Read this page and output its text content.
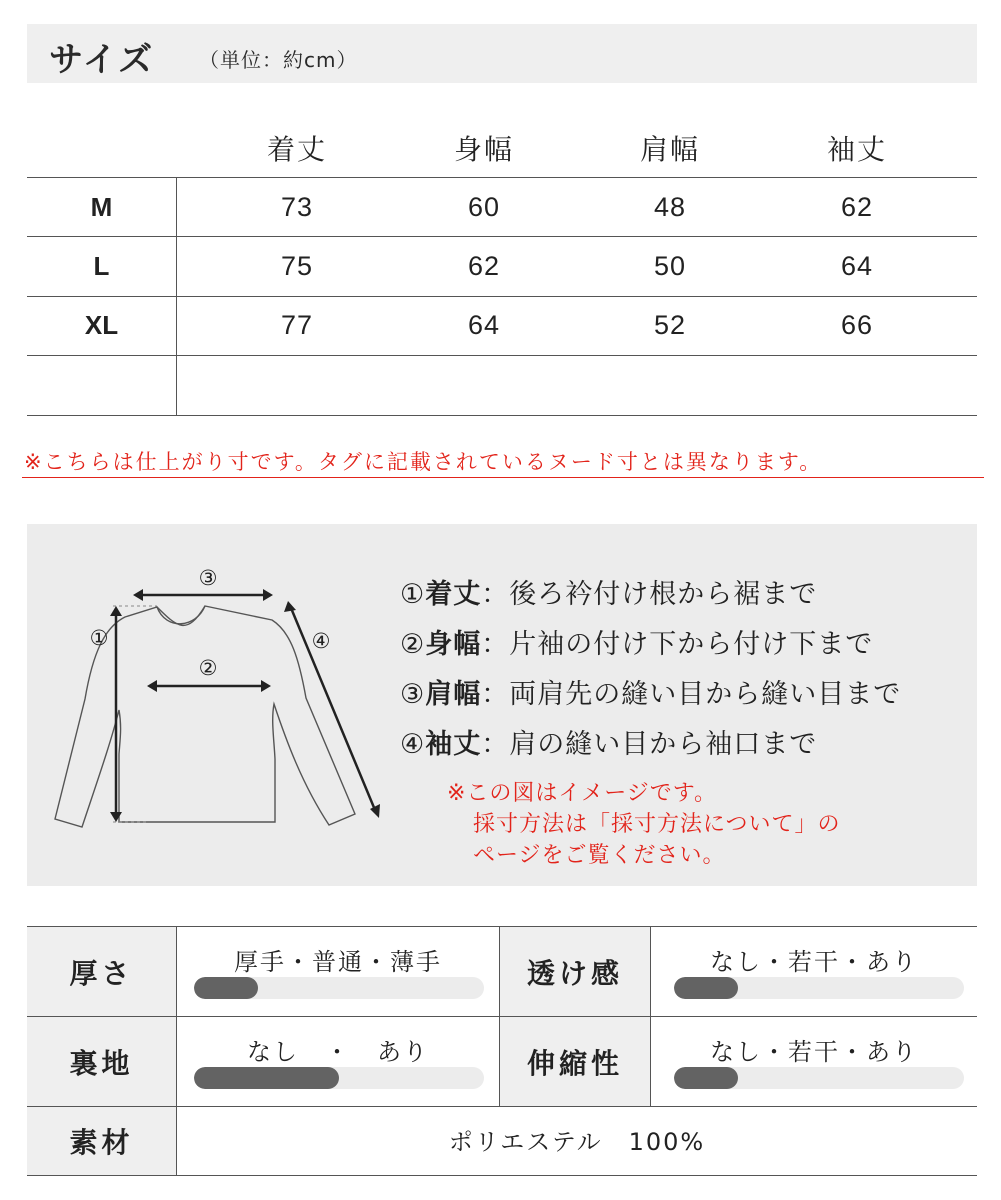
サイズ （単位：約cm）
着丈	身幅	肩幅	袖丈
M	73	60	48	62
L	75	62	50	64
XL	77	64	52	66
※こちらは仕上がり寸です。タグに記載されているヌード寸とは異なります。
③
①
②
④
①着丈：後ろ衿付け根から裾まで
②身幅：片袖の付け下から付け下まで
③肩幅：両肩先の縫い目から縫い目まで
④袖丈：肩の縫い目から袖口まで
※この図はイメージです。
採寸方法は「採寸方法について」の
ページをご覧ください。
厚さ	厚手・普通・薄手	透け感	なし・若干・あり
裏地	なし　・　あり	伸縮性	なし・若干・あり
素材	ポリエステル　100%
